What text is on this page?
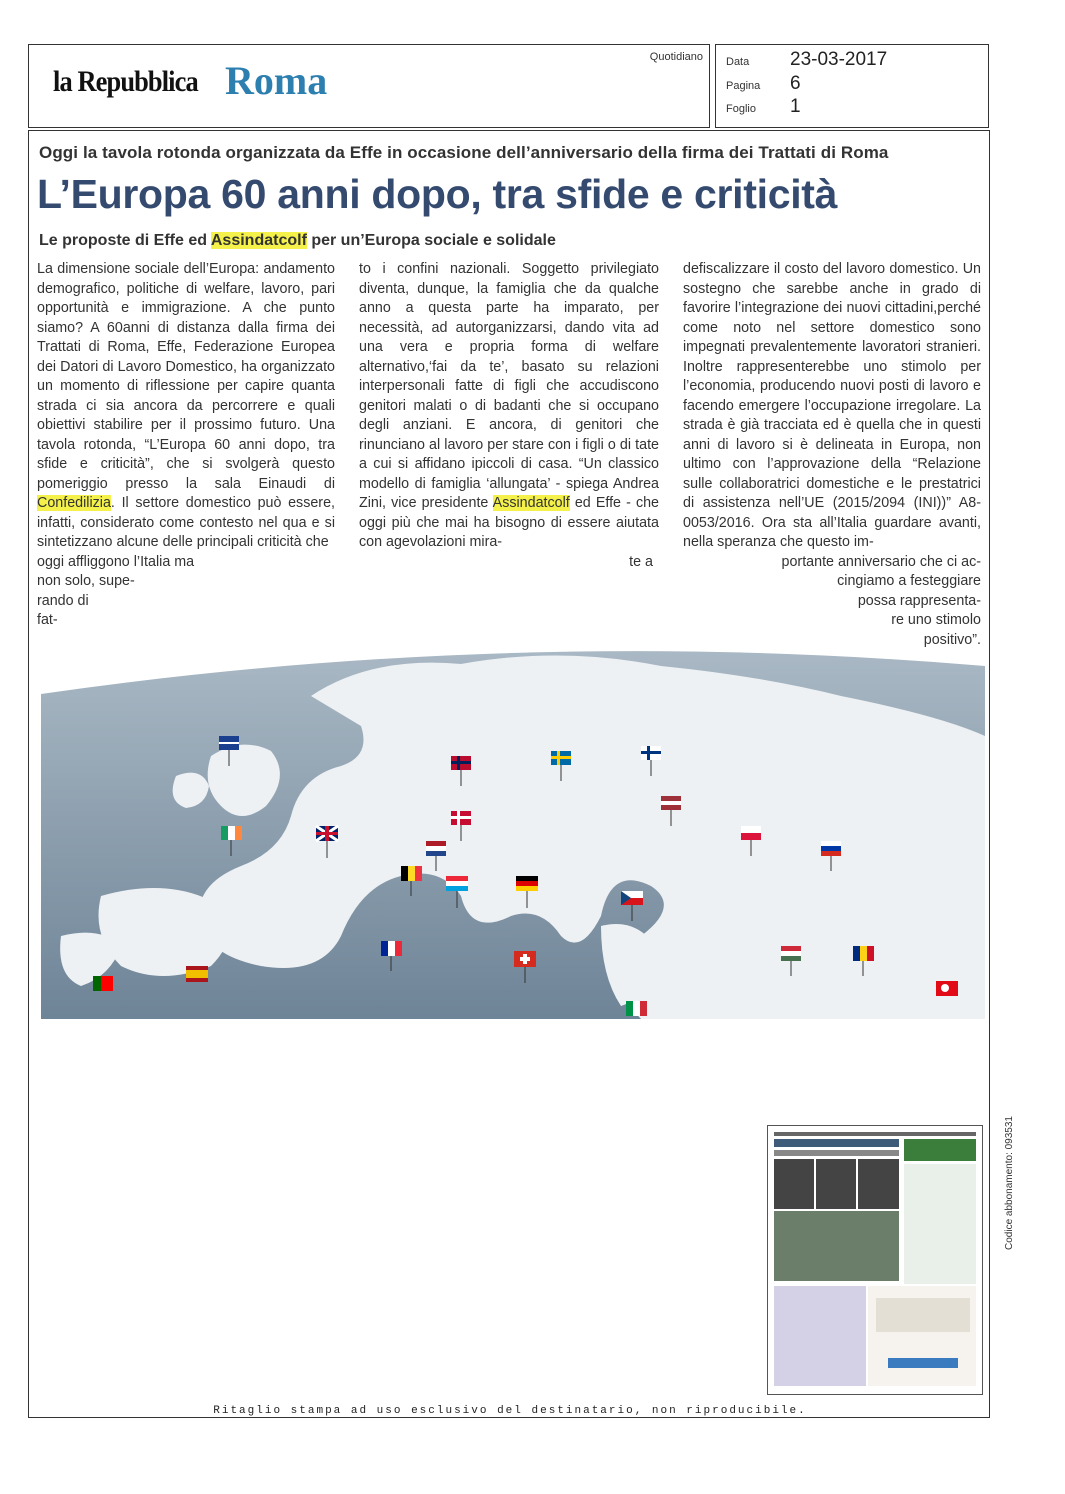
la Repubblica Roma
Quotidiano Data	23-03-2017
Pagina	6
Foglio	1
Oggi la tavola rotonda organizzata da Effe in occasione dell’anniversario della firma dei Trattati di Roma
L’Europa 60 anni dopo, tra sfide e criticità
Le proposte di Effe ed Assindatcolf per un’Europa sociale e solidale

La dimensione sociale dell’Europa: andamento demografico, politiche di welfare, lavoro, pari opportunità e immigrazione. A che punto siamo? A 60anni di distanza dalla firma dei Trattati di Roma, Effe, Federazione Europea dei Datori di Lavoro Domestico, ha organizzato un momento di riflessione per capire quanta strada ci sia ancora da percorrere e quali obiettivi stabilire per il prossimo futuro. Una tavola rotonda, “L’Europa 60 anni dopo, tra sfide e criticità”, che si svolgerà questo pomeriggio presso la sala Einaudi di Confedilizia. Il settore domestico può essere, infatti, considerato come contesto nel qua e si sintetizzano alcune delle principali criticità che

oggi affliggono l’Italia ma
non solo, supe-
rando di
fat-

to i confini nazionali. Soggetto privilegiato diventa, dunque, la famiglia che da qualche anno a questa parte ha imparato, per necessità, ad autorganizzarsi, dando vita ad una vera e propria forma di welfare alternativo,‘fai da te’, basato su relazioni interpersonali fatte di figli che accudiscono genitori malati o di badanti che si occupano degli anziani. E ancora, di genitori che rinunciano al lavoro per stare con i figli o di tate a cui si affidano ipiccoli di casa. “Un classico modello di famiglia ‘allungata’ - spiega Andrea Zini, vice presidente Assindatcolf ed Effe - che oggi più che mai ha bisogno di essere aiutata con agevolazioni mira-

te a

defiscalizzare il costo del lavoro domestico. Un sostegno che sarebbe anche in grado di favorire l’integrazione dei nuovi cittadini,perché come noto nel settore domestico sono impegnati prevalentemente lavoratori stranieri. Inoltre rappresenterebbe uno stimolo per l’economia, producendo nuovi posti di lavoro e facendo emergere l’occupazione irregolare. La strada è già tracciata ed è quella che in questi anni di lavoro si è delineata in Europa, non ultimo con l’approvazione della “Relazione sulle collaboratrici domestiche e le prestatrici di assistenza nell’UE (2015/2094 (INI))” A8-0053/2016. Ora sta all’Italia guardare avanti, nella speranza che questo im-

portante anniversario che ci ac-
cingiamo a festeggiare
possa rappresenta-
re uno stimolo
positivo”.
Ritaglio stampa ad uso esclusivo del destinatario, non riproducibile.
Codice abbonamento: 093531
